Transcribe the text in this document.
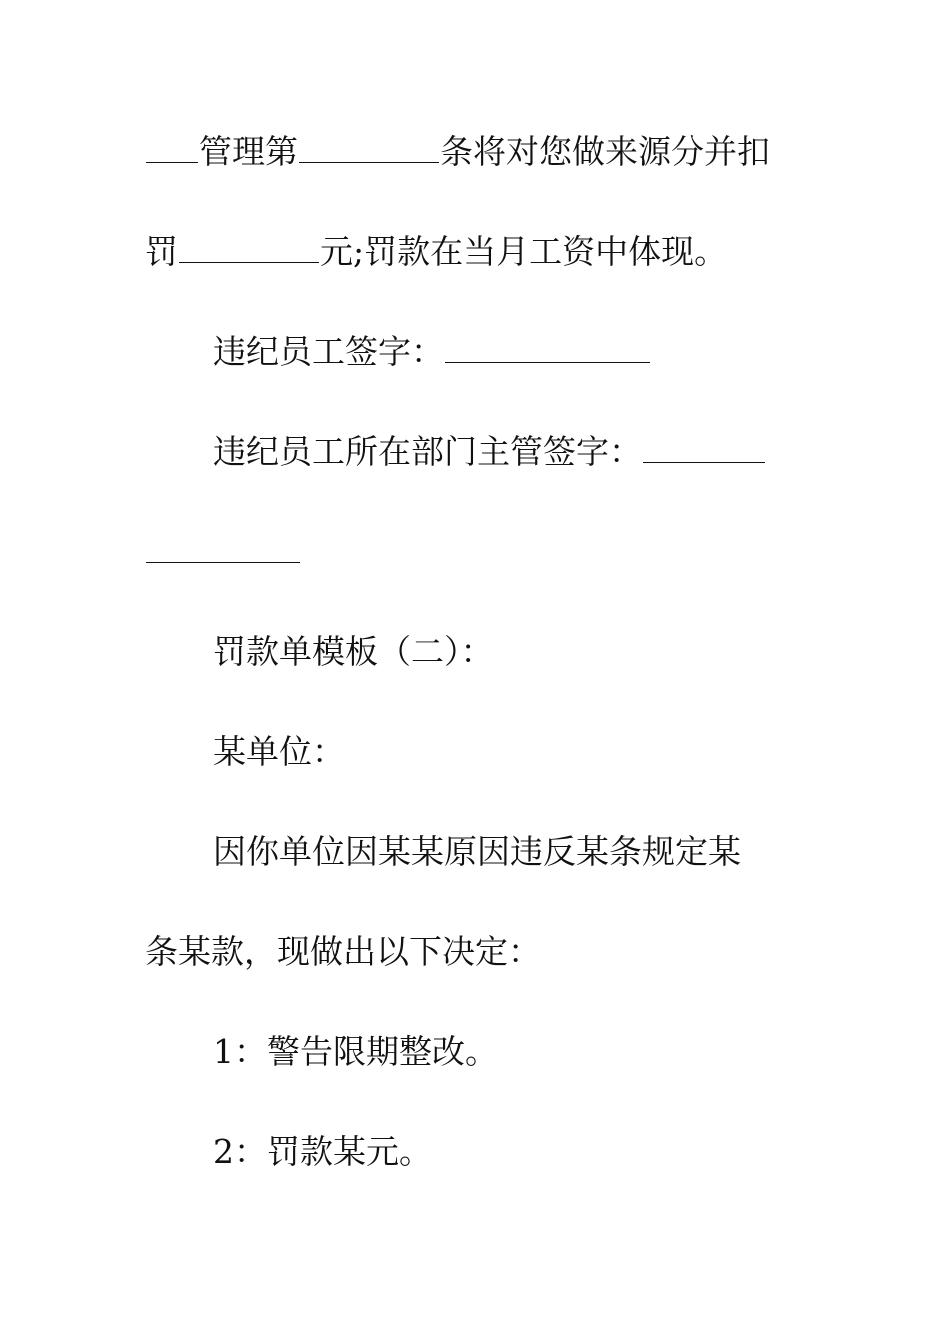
管理第	条将对您做来源分并扣
罚	元;罚款在当月工资中体现。
违纪员工签字：
违纪员工所在部门主管签字：
罚款单模板（二）：
某单位：
因你单位因某某原因违反某条规定某
条某款，现做出以下决定：
1：警告限期整改。
2：罚款某元。
